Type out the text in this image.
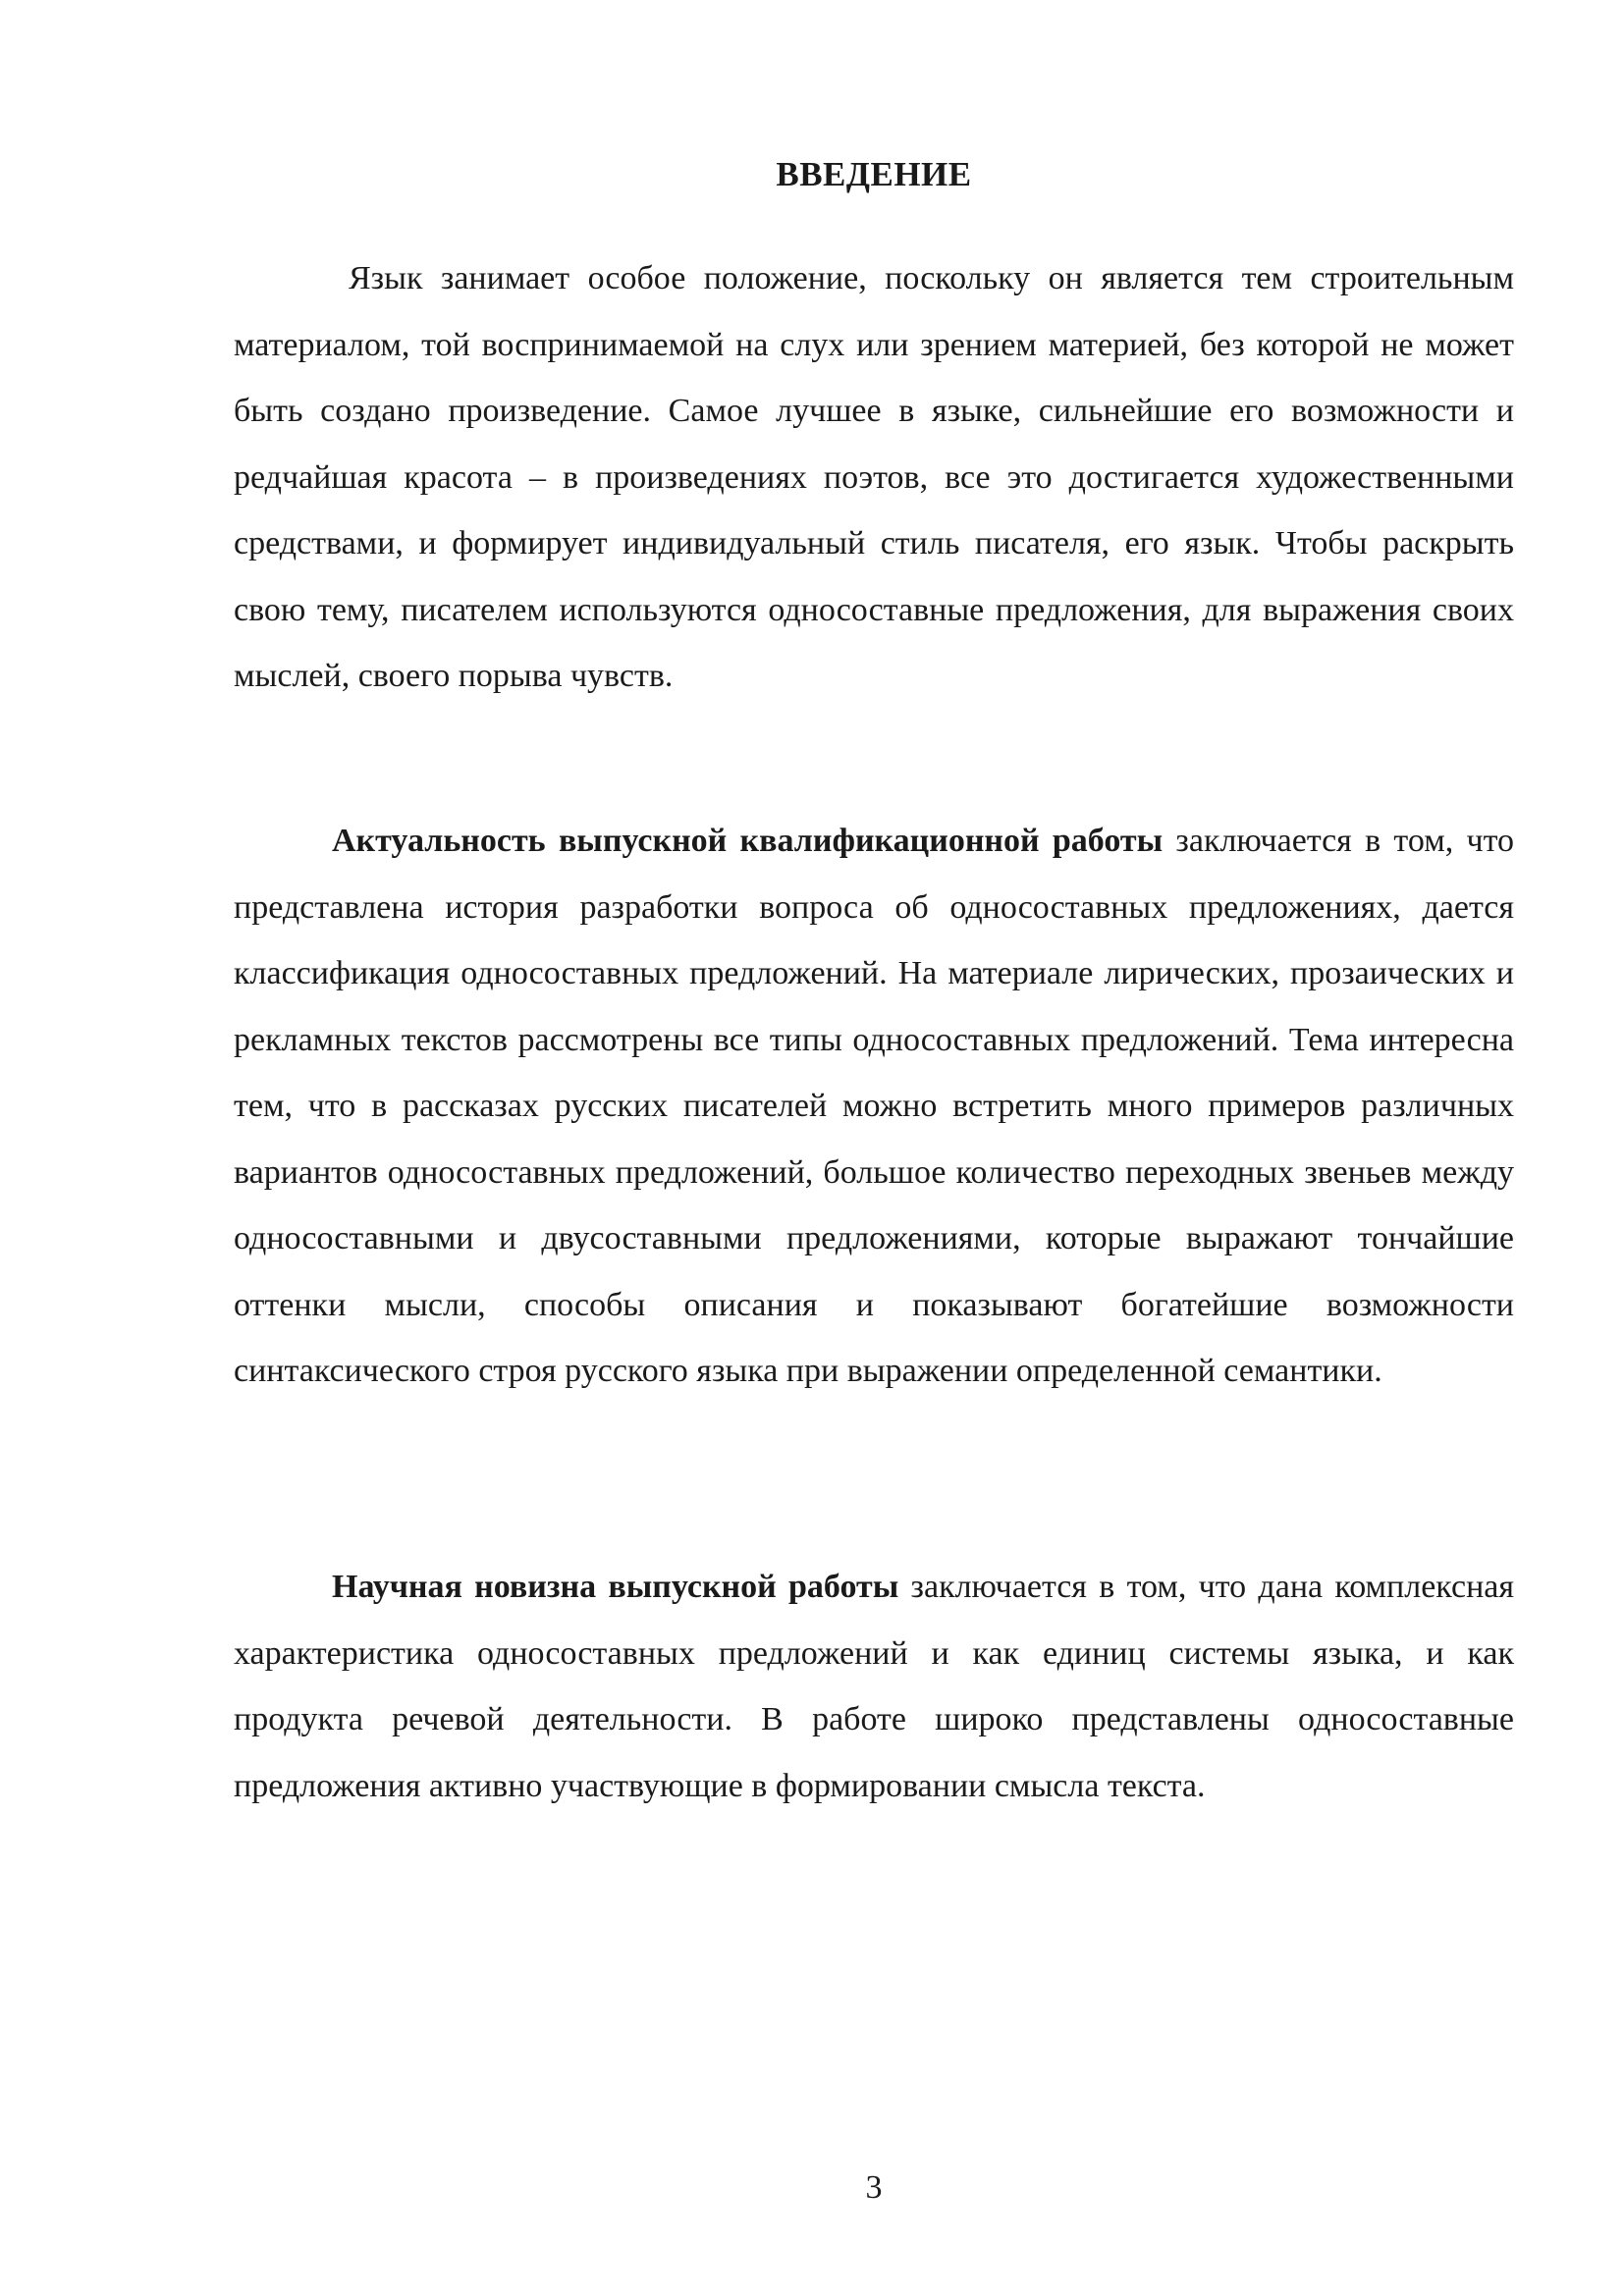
ВВЕДЕНИЕ

Язык занимает особое положение, поскольку он является тем строительным материалом, той воспринимаемой на слух или зрением материей, без которой не может быть создано произведение. Самое лучшее в языке, сильнейшие его возможности и редчайшая красота – в произведениях поэтов, все это достигается художественными средствами, и формирует индивидуальный стиль писателя, его язык. Чтобы раскрыть свою тему, писателем используются односоставные предложения, для выражения своих мыслей, своего порыва чувств.

Актуальность выпускной квалификационной работы заключается в том, что представлена история разработки вопроса об односоставных предложениях, дается классификация односоставных предложений. На материале лирических, прозаических и рекламных текстов рассмотрены все типы односоставных предложений. Тема интересна тем, что в рассказах русских писателей можно встретить много примеров различных вариантов односоставных предложений, большое количество переходных звеньев между односоставными и двусоставными предложениями, которые выражают тончайшие оттенки мысли, способы описания и показывают богатейшие возможности синтаксического строя русского языка при выражении определенной семантики.

Научная новизна выпускной работы заключается в том, что дана комплексная характеристика односоставных предложений и как единиц системы языка, и как продукта речевой деятельности. В работе широко представлены односоставные предложения активно участвующие в формировании смысла текста.

3
